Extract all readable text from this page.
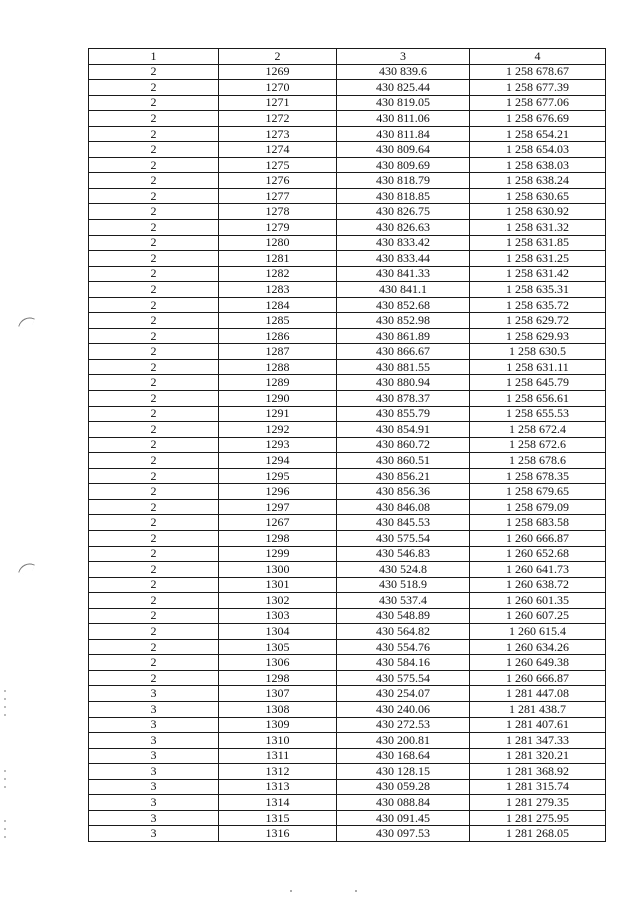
1	2	3	4
2	1269	430 839.6	1 258 678.67
2	1270	430 825.44	1 258 677.39
2	1271	430 819.05	1 258 677.06
2	1272	430 811.06	1 258 676.69
2	1273	430 811.84	1 258 654.21
2	1274	430 809.64	1 258 654.03
2	1275	430 809.69	1 258 638.03
2	1276	430 818.79	1 258 638.24
2	1277	430 818.85	1 258 630.65
2	1278	430 826.75	1 258 630.92
2	1279	430 826.63	1 258 631.32
2	1280	430 833.42	1 258 631.85
2	1281	430 833.44	1 258 631.25
2	1282	430 841.33	1 258 631.42
2	1283	430 841.1	1 258 635.31
2	1284	430 852.68	1 258 635.72
2	1285	430 852.98	1 258 629.72
2	1286	430 861.89	1 258 629.93
2	1287	430 866.67	1 258 630.5
2	1288	430 881.55	1 258 631.11
2	1289	430 880.94	1 258 645.79
2	1290	430 878.37	1 258 656.61
2	1291	430 855.79	1 258 655.53
2	1292	430 854.91	1 258 672.4
2	1293	430 860.72	1 258 672.6
2	1294	430 860.51	1 258 678.6
2	1295	430 856.21	1 258 678.35
2	1296	430 856.36	1 258 679.65
2	1297	430 846.08	1 258 679.09
2	1267	430 845.53	1 258 683.58
2	1298	430 575.54	1 260 666.87
2	1299	430 546.83	1 260 652.68
2	1300	430 524.8	1 260 641.73
2	1301	430 518.9	1 260 638.72
2	1302	430 537.4	1 260 601.35
2	1303	430 548.89	1 260 607.25
2	1304	430 564.82	1 260 615.4
2	1305	430 554.76	1 260 634.26
2	1306	430 584.16	1 260 649.38
2	1298	430 575.54	1 260 666.87
3	1307	430 254.07	1 281 447.08
3	1308	430 240.06	1 281 438.7
3	1309	430 272.53	1 281 407.61
3	1310	430 200.81	1 281 347.33
3	1311	430 168.64	1 281 320.21
3	1312	430 128.15	1 281 368.92
3	1313	430 059.28	1 281 315.74
3	1314	430 088.84	1 281 279.35
3	1315	430 091.45	1 281 275.95
3	1316	430 097.53	1 281 268.05
